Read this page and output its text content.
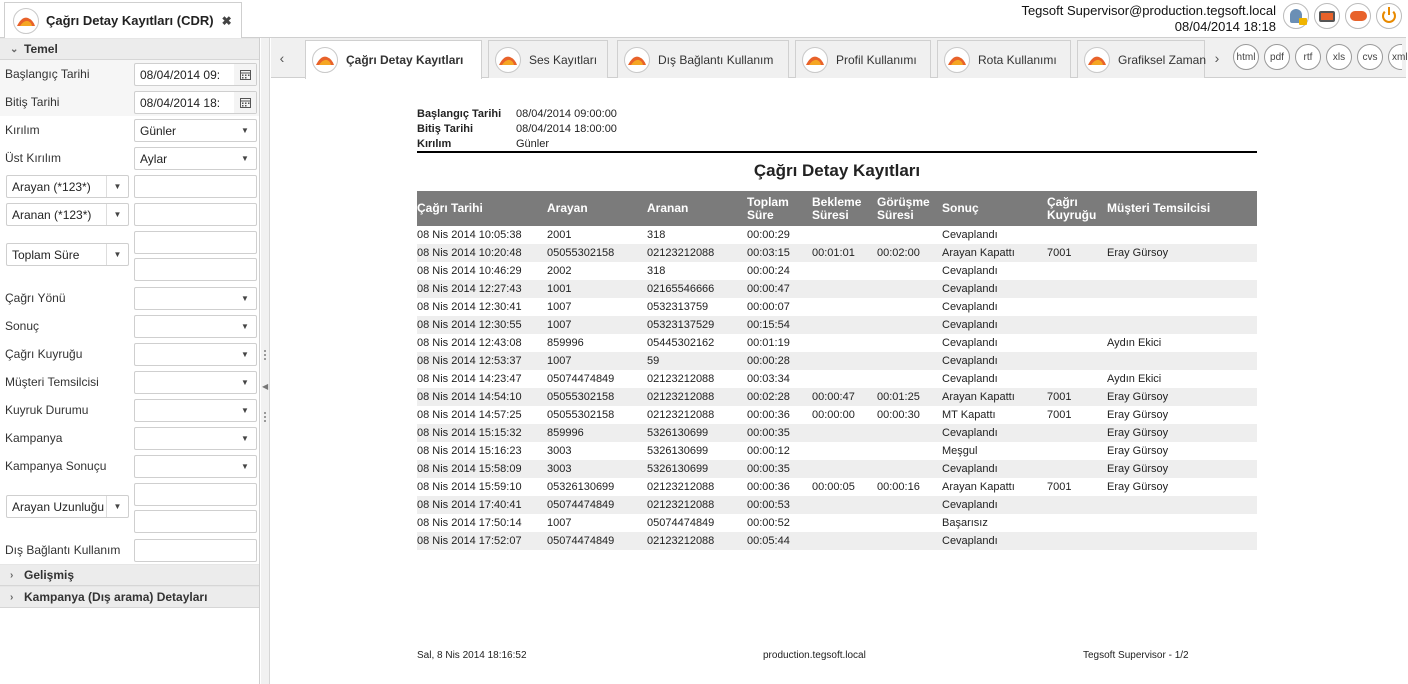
Çağrı Detay Kayıtları (CDR) ✖
Tegsoft Supervisor@production.tegsoft.local
08/04/2014 18:18
⌄ Temel
Başlangıç Tarihi	08/04/2014 09:
Bitiş Tarihi	08/04/2014 18:
Kırılım	Günler	▼
Üst Kırılım	Aylar	▼
Arayan (*123*)	▼
Aranan (*123*)	▼
Toplam Süre	▼
Çağrı Yönü	▼
Sonuç	▼
Çağrı Kuyruğu	▼
Müşteri Temsilcisi	▼
Kuyruk Durumu	▼
Kampanya	▼
Kampanya Sonuçu	▼
Arayan Uzunluğu	▼
Dış Bağlantı Kullanım
› Gelişmiş
› Kampanya (Dış arama) Detayları
◀
‹	Çağrı Detay Kayıtları	Ses Kayıtları	Dış Bağlantı Kullanım	Profil Kullanımı	Rota Kullanımı	Grafiksel Zaman ›	html	pdf	rtf	xls	cvs	xml
Başlangıç Tarihi 08/04/2014 09:00:00
Bitiş Tarihi	08/04/2014 18:00:00
Kırılım	Günler
Çağrı Detay Kayıtları
Çağrı Tarihi	Arayan	Aranan	Toplam Süre	Bekleme Süresi	Görüşme Süresi	Sonuç	Çağrı Kuyruğu	Müşteri Temsilcisi
08 Nis 2014 10:05:38	2001	318	00:00:29			Cevaplandı		
08 Nis 2014 10:20:48	05055302158	02123212088	00:03:15	00:01:01	00:02:00	Arayan Kapattı	7001	Eray Gürsoy
08 Nis 2014 10:46:29	2002	318	00:00:24			Cevaplandı		
08 Nis 2014 12:27:43	1001	02165546666	00:00:47			Cevaplandı		
08 Nis 2014 12:30:41	1007	0532313759	00:00:07			Cevaplandı		
08 Nis 2014 12:30:55	1007	05323137529	00:15:54			Cevaplandı		
08 Nis 2014 12:43:08	859996	05445302162	00:01:19			Cevaplandı		Aydın Ekici
08 Nis 2014 12:53:37	1007	59	00:00:28			Cevaplandı		
08 Nis 2014 14:23:47	05074474849	02123212088	00:03:34			Cevaplandı		Aydın Ekici
08 Nis 2014 14:54:10	05055302158	02123212088	00:02:28	00:00:47	00:01:25	Arayan Kapattı	7001	Eray Gürsoy
08 Nis 2014 14:57:25	05055302158	02123212088	00:00:36	00:00:00	00:00:30	MT Kapattı	7001	Eray Gürsoy
08 Nis 2014 15:15:32	859996	5326130699	00:00:35			Cevaplandı		Eray Gürsoy
08 Nis 2014 15:16:23	3003	5326130699	00:00:12			Meşgul		Eray Gürsoy
08 Nis 2014 15:58:09	3003	5326130699	00:00:35			Cevaplandı		Eray Gürsoy
08 Nis 2014 15:59:10	05326130699	02123212088	00:00:36	00:00:05	00:00:16	Arayan Kapattı	7001	Eray Gürsoy
08 Nis 2014 17:40:41	05074474849	02123212088	00:00:53			Cevaplandı		
08 Nis 2014 17:50:14	1007	05074474849	00:00:52			Başarısız		
08 Nis 2014 17:52:07	05074474849	02123212088	00:05:44			Cevaplandı		
Sal, 8 Nis 2014 18:16:52	production.tegsoft.local	Tegsoft Supervisor - 1/2
